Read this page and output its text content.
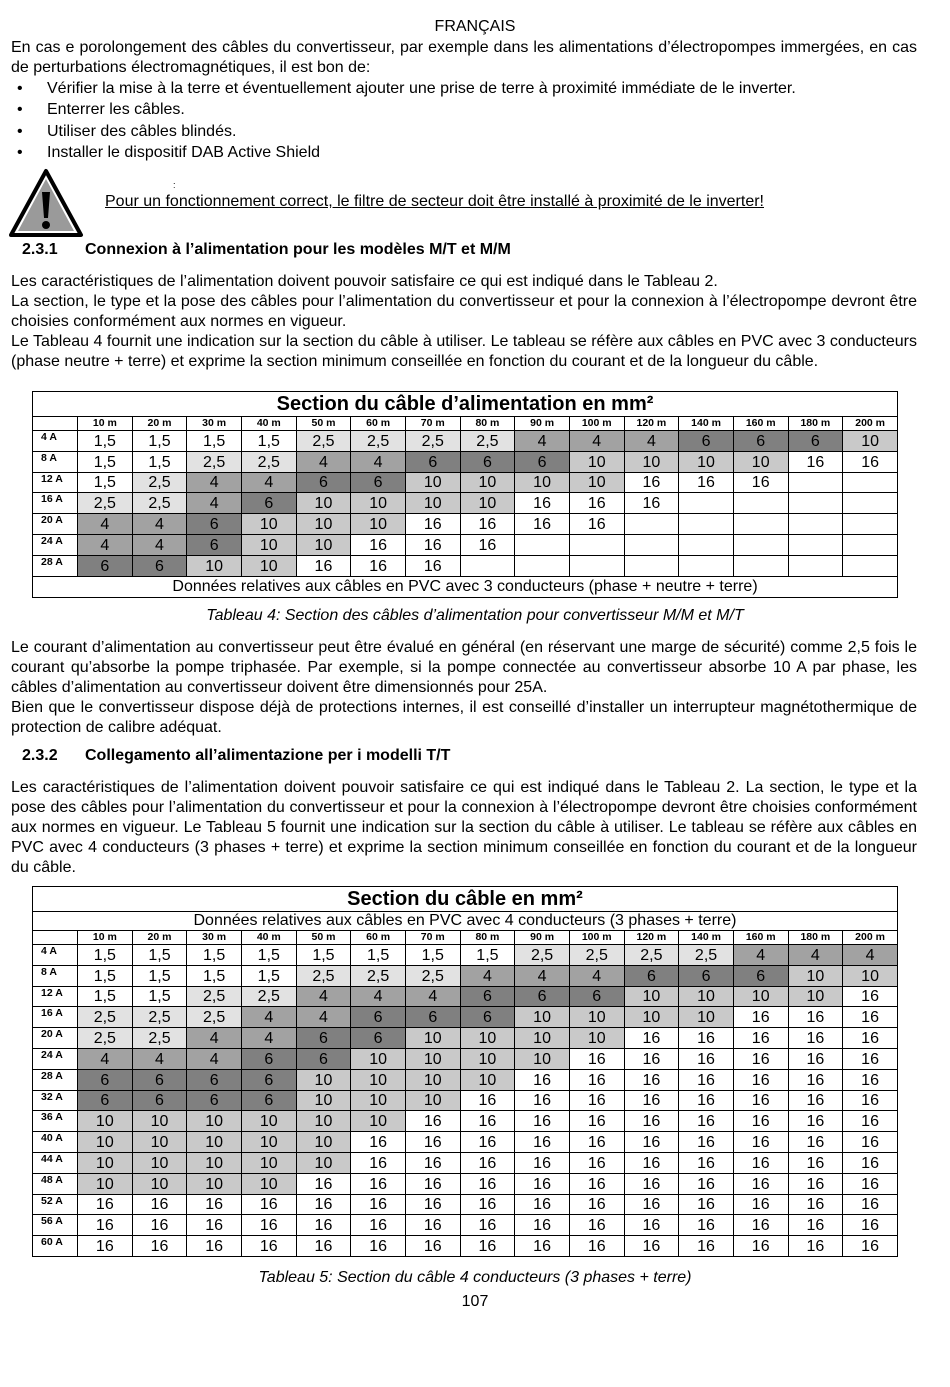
FRANÇAIS

En cas e porolongement des câbles du convertisseur, par exemple dans les alimentations d’électropompes immergées, en cas de perturbations électromagnétiques, il est bon de:

• Vérifier la mise à la terre et éventuellement ajouter une prise de terre à proximité immédiate de le inverter.
• Enterrer les câbles.
• Utiliser des câbles blindés.
• Installer le dispositif DAB Active Shield
:
Pour un fonctionnement correct, le filtre de secteur doit être installé à proximité de le inverter!
2.3.1 Connexion à l’alimentation pour les modèles M/T et M/M

Les caractéristiques de l’alimentation doivent pouvoir satisfaire ce qui est indiqué dans le Tableau 2.

La section, le type et la pose des câbles pour l’alimentation du convertisseur et pour la connexion à l’électropompe devront être choisies conformément aux normes en vigueur.

Le Tableau 4 fournit une indication sur la section du câble à utiliser. Le tableau se réfère aux câbles en PVC avec 3 conducteurs (phase neutre + terre) et exprime la section minimum conseillée en fonction du courant et de la longueur du câble.

Section du câble d’alimentation en mm²															
	10 m	20 m	30 m	40 m	50 m	60 m	70 m	80 m	90 m	100 m	120 m	140 m	160 m	180 m	200 m
4 A	1,5	1,5	1,5	1,5	2,5	2,5	2,5	2,5	4	4	4	6	6	6	10
8 A	1,5	1,5	2,5	2,5	4	4	6	6	6	10	10	10	10	16	16
12 A	1,5	2,5	4	4	6	6	10	10	10	10	16	16	16		
16 A	2,5	2,5	4	6	10	10	10	10	16	16	16				
20 A	4	4	6	10	10	10	16	16	16	16					
24 A	4	4	6	10	10	16	16	16							
28 A	6	6	10	10	16	16	16								
Données relatives aux câbles en PVC avec 3 conducteurs (phase + neutre + terre)															
Tableau 4: Section des câbles d’alimentation pour convertisseur M/M et M/T

Le courant d’alimentation au convertisseur peut être évalué en général (en réservant une marge de sécurité) comme 2,5 fois le courant qu’absorbe la pompe triphasée. Par exemple, si la pompe connectée au convertisseur absorbe 10 A par phase, les câbles d’alimentation au convertisseur doivent être dimensionnés pour 25A.

Bien que le convertisseur dispose déjà de protections internes, il est conseillé d’installer un interrupteur magnétothermique de protection de calibre adéquat.

2.3.2 Collegamento all’alimentazione per i modelli T/T

Les caractéristiques de l’alimentation doivent pouvoir satisfaire ce qui est indiqué dans le Tableau 2. La section, le type et la pose des câbles pour l’alimentation du convertisseur et pour la connexion à l’électropompe devront être choisies conformément aux normes en vigueur. Le Tableau 5 fournit une indication sur la section du câble à utiliser. Le tableau se réfère aux câbles en PVC avec 4 conducteurs (3 phases + terre) et exprime la section minimum conseillée en fonction du courant et de la longueur du câble.

Section du câble en mm²															
Données relatives aux câbles en PVC avec 4 conducteurs (3 phases + terre)															
	10 m	20 m	30 m	40 m	50 m	60 m	70 m	80 m	90 m	100 m	120 m	140 m	160 m	180 m	200 m
4 A	1,5	1,5	1,5	1,5	1,5	1,5	1,5	1,5	2,5	2,5	2,5	2,5	4	4	4
8 A	1,5	1,5	1,5	1,5	2,5	2,5	2,5	4	4	4	6	6	6	10	10
12 A	1,5	1,5	2,5	2,5	4	4	4	6	6	6	10	10	10	10	16
16 A	2,5	2,5	2,5	4	4	6	6	6	10	10	10	10	16	16	16
20 A	2,5	2,5	4	4	6	6	10	10	10	10	16	16	16	16	16
24 A	4	4	4	6	6	10	10	10	10	16	16	16	16	16	16
28 A	6	6	6	6	10	10	10	10	16	16	16	16	16	16	16
32 A	6	6	6	6	10	10	10	16	16	16	16	16	16	16	16
36 A	10	10	10	10	10	10	16	16	16	16	16	16	16	16	16
40 A	10	10	10	10	10	16	16	16	16	16	16	16	16	16	16
44 A	10	10	10	10	10	16	16	16	16	16	16	16	16	16	16
48 A	10	10	10	10	16	16	16	16	16	16	16	16	16	16	16
52 A	16	16	16	16	16	16	16	16	16	16	16	16	16	16	16
56 A	16	16	16	16	16	16	16	16	16	16	16	16	16	16	16
60 A	16	16	16	16	16	16	16	16	16	16	16	16	16	16	16
Tableau 5: Section du câble 4 conducteurs (3 phases + terre)
107
